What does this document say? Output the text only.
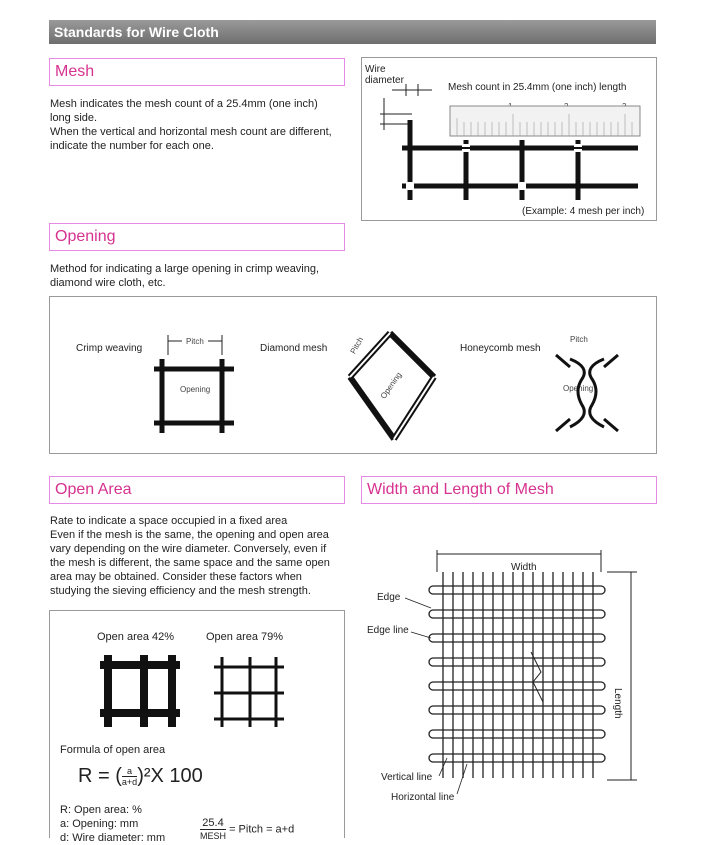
Standards for Wire Cloth
Mesh
Mesh indicates the mesh count of a 25.4mm (one inch)
long side.
When the vertical and horizontal mesh count are different,
indicate the number for each one.
Wire
diameter
Mesh count in 25.4mm (one inch) length
(Example: 4 mesh per inch)
Opening
Method for indicating a large opening in crimp weaving,
diamond wire cloth, etc.
Crimp weaving	Diamond mesh	Honeycomb mesh
Pitch
Opening
Pitch
Opening
Pitch
Opening
Open Area
Rate to indicate a space occupied in a fixed area
Even if the mesh is the same, the opening and open area
vary depending on the wire diameter. Conversely, even if
the mesh is different, the same space and the same open
area may be obtained. Consider these factors when
studying the sieving efficiency and the mesh strength.
Open area 42%	Open area 79%
Formula of open area
R = ( $\frac{a}{a+d} )^2X$ 100
R: Open area: %
a: Opening: mm
d: Wire diameter: mm
25.4
MESH
= Pitch = a+d
Width and Length of Mesh
Width
Edge
Edge line
Length
Vertical line
Horizontal line
